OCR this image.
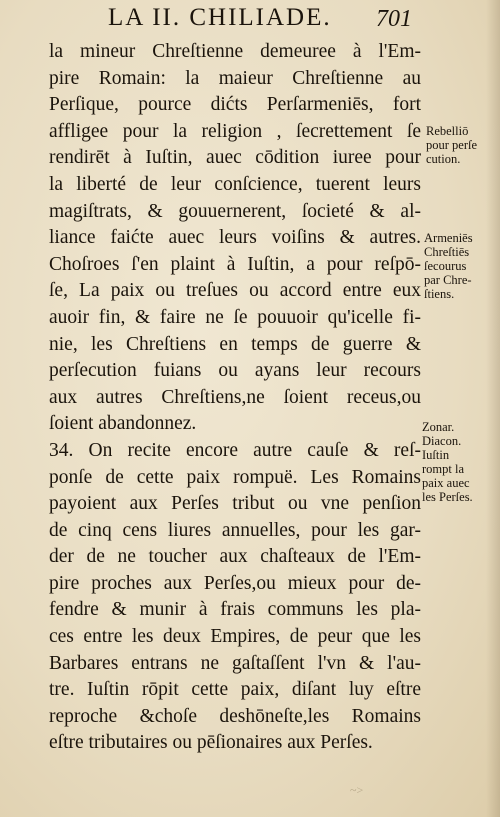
LA II. CHILIADE. 701
la mineur Chreſtienne demeuree à l'Em-
pire Romain: la maieur Chreſtienne au
Perſique, pource dićts Perſarmeniēs, fort
affligee pour la religion , ſecrettement ſe
rendirēt à Iuſtin, auec cōdition iuree pour
la liberté de leur conſcience, tuerent leurs
magiſtrats, & gouuernerent, ſocieté & al-
liance faićte auec leurs voiſins & autres.
Choſroes ſ'en plaint à Iuſtin, a pour reſpō-
ſe, La paix ou treſues ou accord entre eux
auoir fin, & faire ne ſe pouuoir qu'icelle fi-
nie, les Chreſtiens en temps de guerre &
perſecution fuians ou ayans leur recours
aux autres Chreſtiens,ne ſoient receus,ou
ſoient abandonnez.
34. On recite encore autre cauſe & reſ-
ponſe de cette paix rompuë. Les Romains
payoient aux Perſes tribut ou vne penſion
de cinq cens liures annuelles, pour les gar-
der de ne toucher aux chaſteaux de l'Em-
pire proches aux Perſes,ou mieux pour de-
fendre & munir à frais communs les pla-
ces entre les deux Empires, de peur que les
Barbares entrans ne gaſtaſſent l'vn & l'au-
tre. Iuſtin rōpit cette paix, diſant luy eſtre
reproche &choſe deshōneſte,les Romains
eſtre tributaires ou pēſionaires aux Perſes.
Rebelliō
pour perſe
cution.
Armeniēs
Chreſtiēs
ſecourus
par Chre-
ſtiens.
Zonar.
Diacon.
Iuſtin
rompt la
paix auec
les Perſes.
~>
